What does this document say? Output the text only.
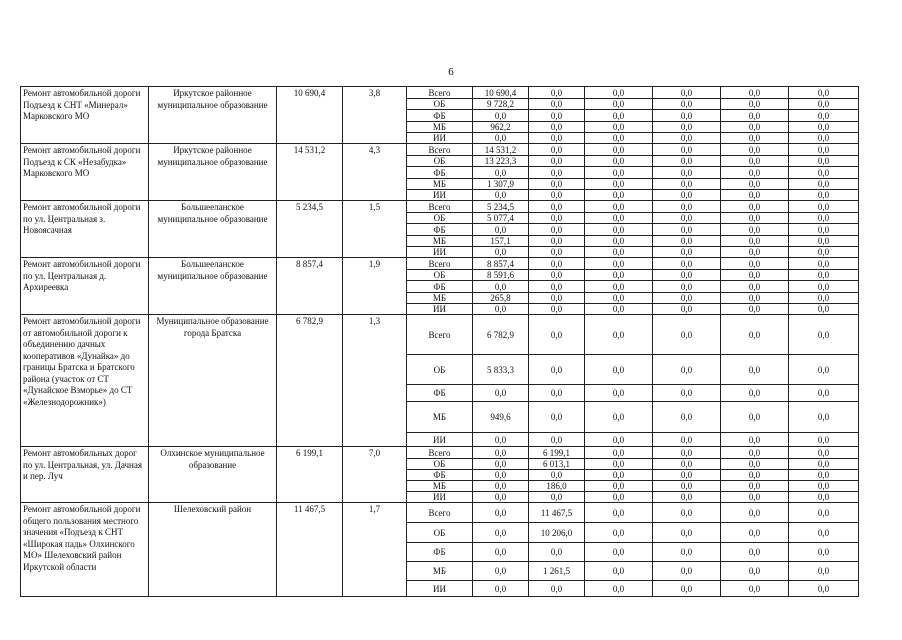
6
Ремонт автомобильной дороги Подъезд к СНТ «Минерал» Марковского МО	Иркутское районное муниципальное образование	10 690,4	3,8	Всего	10 690,4	0,0	0,0	0,0	0,0	0,0
				ОБ	9 728,2	0,0	0,0	0,0	0,0	0,0
				ФБ	0,0	0,0	0,0	0,0	0,0	0,0
				МБ	962,2	0,0	0,0	0,0	0,0	0,0
				ИИ	0,0	0,0	0,0	0,0	0,0	0,0
Ремонт автомобильной дороги Подъезд к СК «Незабудка» Марковского МО	Иркутское районное муниципальное образование	14 531,2	4,3	Всего	14 531,2	0,0	0,0	0,0	0,0	0,0
				ОБ	13 223,3	0,0	0,0	0,0	0,0	0,0
				ФБ	0,0	0,0	0,0	0,0	0,0	0,0
				МБ	1 307,9	0,0	0,0	0,0	0,0	0,0
				ИИ	0,0	0,0	0,0	0,0	0,0	0,0
Ремонт автомобильной дороги по ул. Центральная з. Новоясачная	Большееланское муниципальное образование	5 234,5	1,5	Всего	5 234,5	0,0	0,0	0,0	0,0	0,0
				ОБ	5 077,4	0,0	0,0	0,0	0,0	0,0
				ФБ	0,0	0,0	0,0	0,0	0,0	0,0
				МБ	157,1	0,0	0,0	0,0	0,0	0,0
				ИИ	0,0	0,0	0,0	0,0	0,0	0,0
Ремонт автомобильной дороги по ул. Центральная д. Архиреевка	Большееланское муниципальное образование	8 857,4	1,9	Всего	8 857,4	0,0	0,0	0,0	0,0	0,0
				ОБ	8 591,6	0,0	0,0	0,0	0,0	0,0
				ФБ	0,0	0,0	0,0	0,0	0,0	0,0
				МБ	265,8	0,0	0,0	0,0	0,0	0,0
				ИИ	0,0	0,0	0,0	0,0	0,0	0,0
Ремонт автомобильной дороги от автомобильной дороги к объединению дачных кооперативов «Дунайка» до границы Братска и Братского района (участок от СТ «Дунайское Взморье» до СТ «Железнодорожник»)	Муниципальное образование города Братска	6 782,9	1,3	Всего	6 782,9	0,0	0,0	0,0	0,0	0,0
				ОБ	5 833,3	0,0	0,0	0,0	0,0	0,0
				ФБ	0,0	0,0	0,0	0,0	0,0	0,0
				МБ	949,6	0,0	0,0	0,0	0,0	0,0
				ИИ	0,0	0,0	0,0	0,0	0,0	0,0
Ремонт автомобильных дорог по ул. Центральная, ул. Дачная и пер. Луч	Олхинское муниципальное образование	6 199,1	7,0	Всего	0,0	6 199,1	0,0	0,0	0,0	0,0
				ОБ	0,0	6 013,1	0,0	0,0	0,0	0,0
				ФБ	0,0	0,0	0,0	0,0	0,0	0,0
				МБ	0,0	186,0	0,0	0,0	0,0	0,0
				ИИ	0,0	0,0	0,0	0,0	0,0	0,0
Ремонт автомобильной дороги общего пользования местного значения «Подъезд к СНТ «Широкая падь» Олхинского МО» Шелеховский район Иркутской области	Шелеховский район	11 467,5	1,7	Всего	0,0	11 467,5	0,0	0,0	0,0	0,0
				ОБ	0,0	10 206,0	0,0	0,0	0,0	0,0
				ФБ	0,0	0,0	0,0	0,0	0,0	0,0
				МБ	0,0	1 261,5	0,0	0,0	0,0	0,0
				ИИ	0,0	0,0	0,0	0,0	0,0	0,0
